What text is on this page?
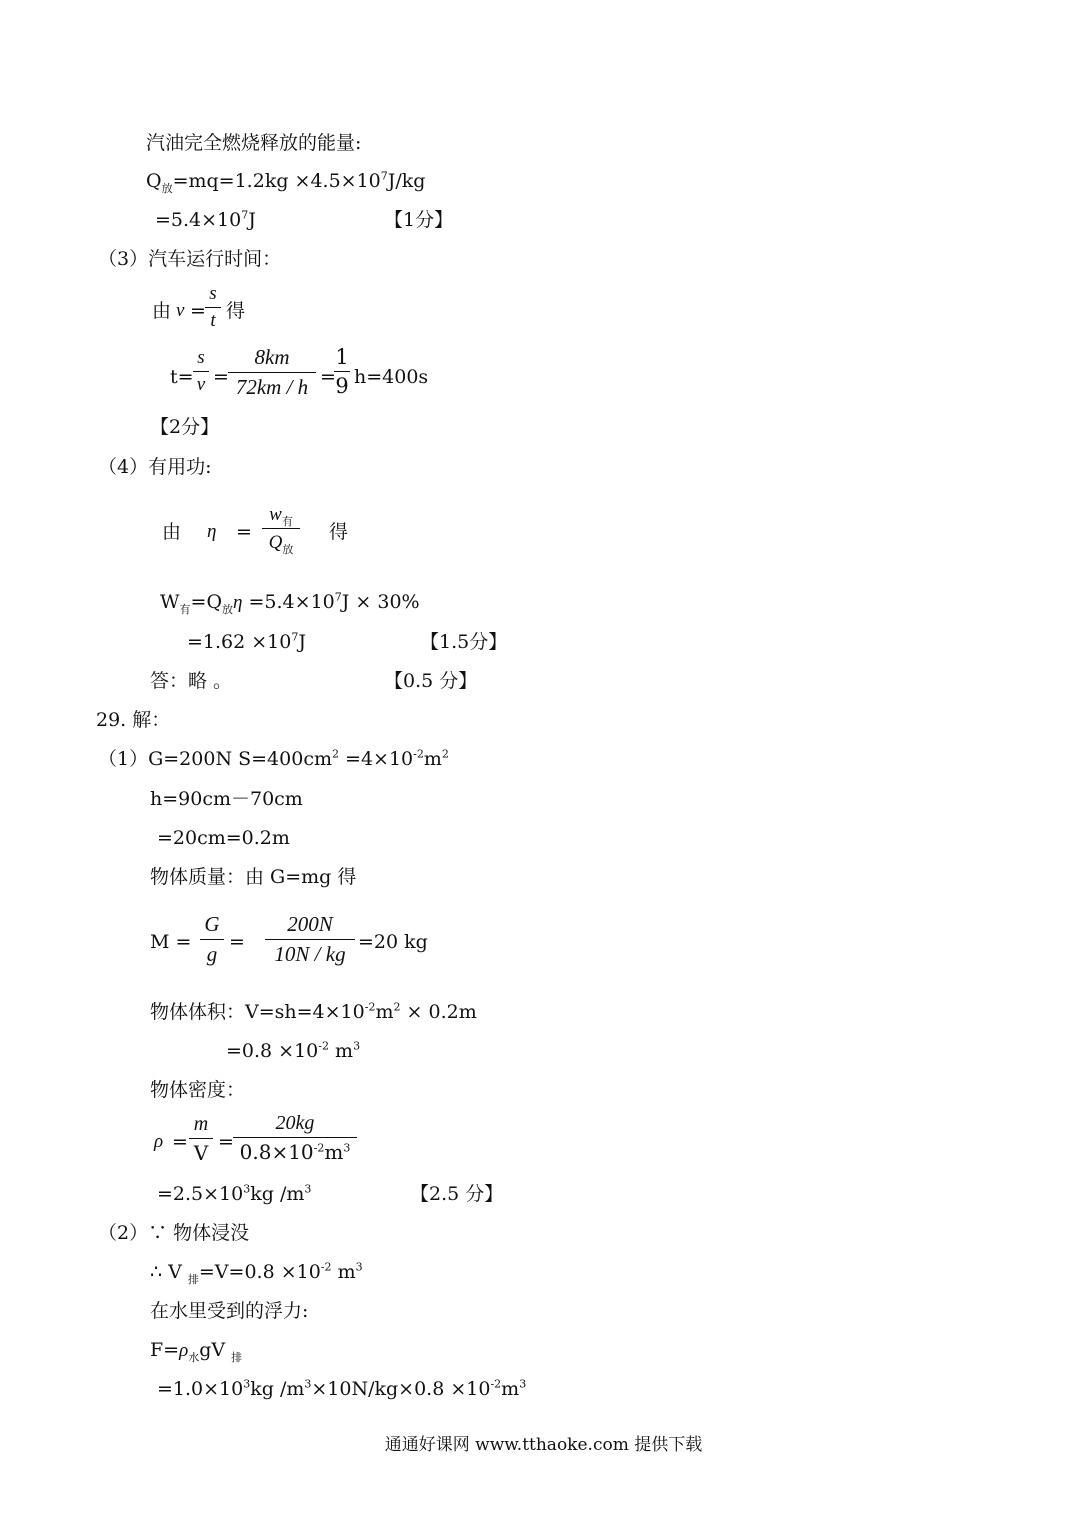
汽油完全燃烧释放的能量:
$Q_放=mq=1.2kg \times 4.5\times 10^7J/kg$
$=5.4\times 10^7J$	【1分】
（3）汽车运行时间：
由 v =
s
t 得
t=
s
v =
8km
72km / h =
1
9 h=400s
【2分】
（4）有用功:
由 η =
$w_有$
$Q_放$
得
$W_有=Q_放\eta =5.4\times 10^7J \times 30\%$
$=1.62 \times 10^7J$	【1.5分】
答：略 。	【0.5 分】
29. 解：
（1）G=200N $S=400cm^2 =4\times 10^{-2}m^2$
h=90cm－70cm
=20cm=0.2m
物体质量：由 G=mg 得
M =
G
g =
200N
10N / kg =20 kg
物体体积：$V=sh=4\times 10^{-2}m^2 \times 0.2m$
$=0.8 \times 10^{-2}$ $m^3$
物体密度：
ρ =
m
V =
20kg
$0.8\times 10^{-2}m^3$
$=2.5\times 10^3kg$ $/m^3$	【2.5 分】
（2）∵ 物体浸没
∴ V $_排=V=0.8 \times 10^{-2}$ $m^3$
在水里受到的浮力:
$F=\rho_水gV$ $_排$
$=1.0\times 10^3kg$ $/m^3\times 10N/kg\times 0.8 \times 10^{-2}m^3$
通通好课网 www.tthaoke.com 提供下载
